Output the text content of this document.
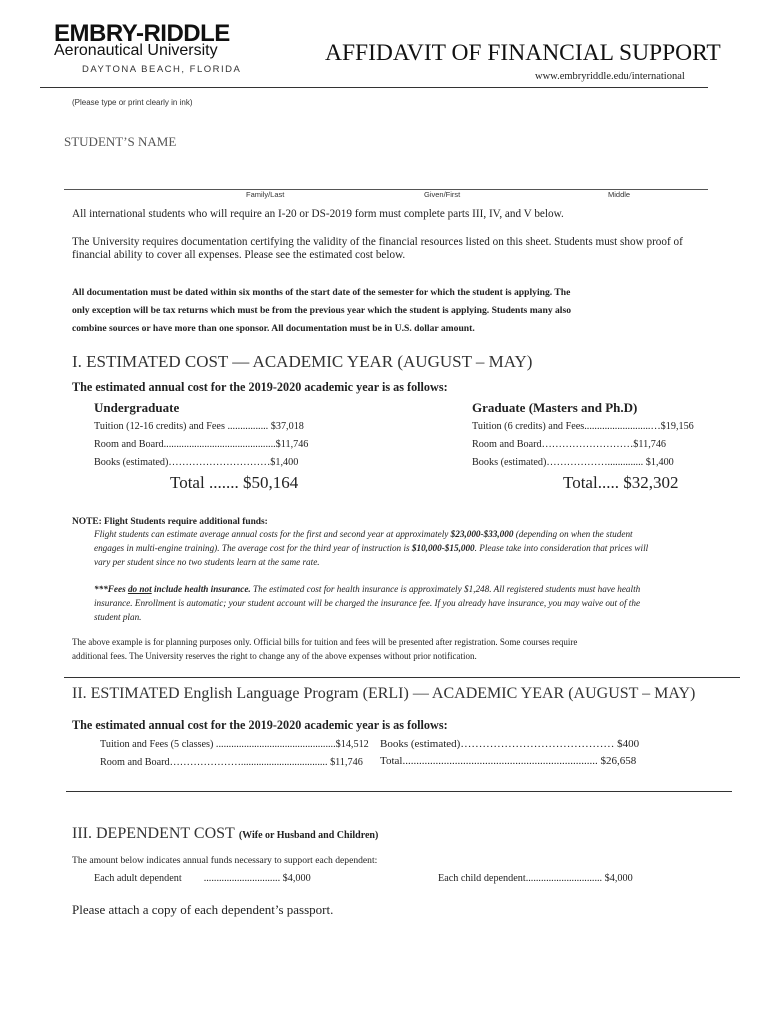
EMBRY-RIDDLE
Aeronautical University
DAYTONA BEACH, FLORIDA
AFFIDAVIT OF FINANCIAL SUPPORT
www.embryriddle.edu/international
(Please type or print clearly in ink)
STUDENT’S NAME
Family/Last	Given/First	Middle
All international students who will require an I-20 or DS-2019 form must complete parts III, IV, and V below.
The University requires documentation certifying the validity of the financial resources listed on this sheet. Students must show proof of
financial ability to cover all expenses. Please see the estimated cost below.
All documentation must be dated within six months of the start date of the semester for which the student is applying. The
only exception will be tax returns which must be from the previous year which the student is applying. Students many also
combine sources or have more than one sponsor. All documentation must be in U.S. dollar amount.
I. ESTIMATED COST — ACADEMIC YEAR (AUGUST – MAY)
The estimated annual cost for the 2019-2020 academic year is as follows:
Undergraduate
Tuition (12-16 credits) and Fees ................ $37,018
Room and Board............................................$11,746
Books (estimated)…………………………$1,400
Total ....... $50,164
Graduate (Masters and Ph.D)
Tuition (6 credits) and Fees..........................…$19,156
Room and Board………………………$11,746
Books (estimated)……………….............. $1,400
Total..... $32,302
NOTE: Flight Students require additional funds:
Flight students can estimate average annual costs for the first and second year at approximately $23,000-$33,000 (depending on when the student
engages in multi-engine training). The average cost for the third year of instruction is $10,000-$15,000. Please take into consideration that prices will
vary per student since no two students learn at the same rate.
***Fees do not include health insurance. The estimated cost for health insurance is approximately $1,248. All registered students must have health
insurance. Enrollment is automatic; your student account will be charged the insurance fee. If you already have insurance, you may waive out of the
student plan.
The above example is for planning purposes only. Official bills for tuition and fees will be presented after registration. Some courses require
additional fees. The University reserves the right to change any of the above expenses without prior notification.
II. ESTIMATED English Language Program (ERLI) — ACADEMIC YEAR (AUGUST – MAY)
The estimated annual cost for the 2019-2020 academic year is as follows:
Tuition and Fees (5 classes) ...............................................$14,512 Books (estimated)…………………………………… $400
Room and Board………………….................................. $11,746 Total....................................................................... $26,658
III. DEPENDENT COST (Wife or Husband and Children)
The amount below indicates annual funds necessary to support each dependent:
Each adult dependent .............................. $4,000	Each child dependent.............................. $4,000
Please attach a copy of each dependent’s passport.
